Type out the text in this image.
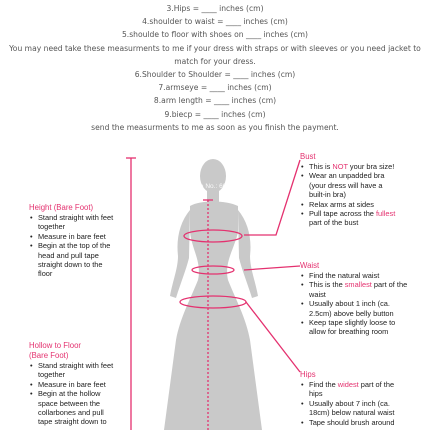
3.Hips = ____ inches (cm)
4.shoulder to waist = ____ inches (cm)
5.shoulde to floor with shoes on ____ inches (cm)
You may need take these measurments to me if your dress with straps or with sleeves or you need jacket to
match for your dress.
6.Shoulder to Shoulder = ____ inches (cm)
7.armseye = ____ inches (cm)
8.arm length = ____ inches (cm)
9.biecp = ____ inches (cm)
send the measurments to me as soon as you finish the payment.
Store No.: 660032
Height (Bare Foot)
• Stand straight with feet together
• Measure in bare feet
• Begin at the top of the head and pull tape straight down to the floor
Hollow to Floor
(Bare Foot)
• Stand straight with feet together
• Measure in bare feet
• Begin at the hollow space between the collarbones and pull tape straight down to
Bust
• This is NOT your bra size!
• Wear an unpadded bra (your dress will have a built-in bra)
• Relax arms at sides
• Pull tape across the fullest part of the bust
Waist
• Find the natural waist
• This is the smallest part of the waist
• Usually about 1 inch (ca. 2.5cm) above belly button
• Keep tape slightly loose to allow for breathing room
Hips
• Find the widest part of the hips
• Usually about 7 inch (ca. 18cm) below natural waist
• Tape should brush around
